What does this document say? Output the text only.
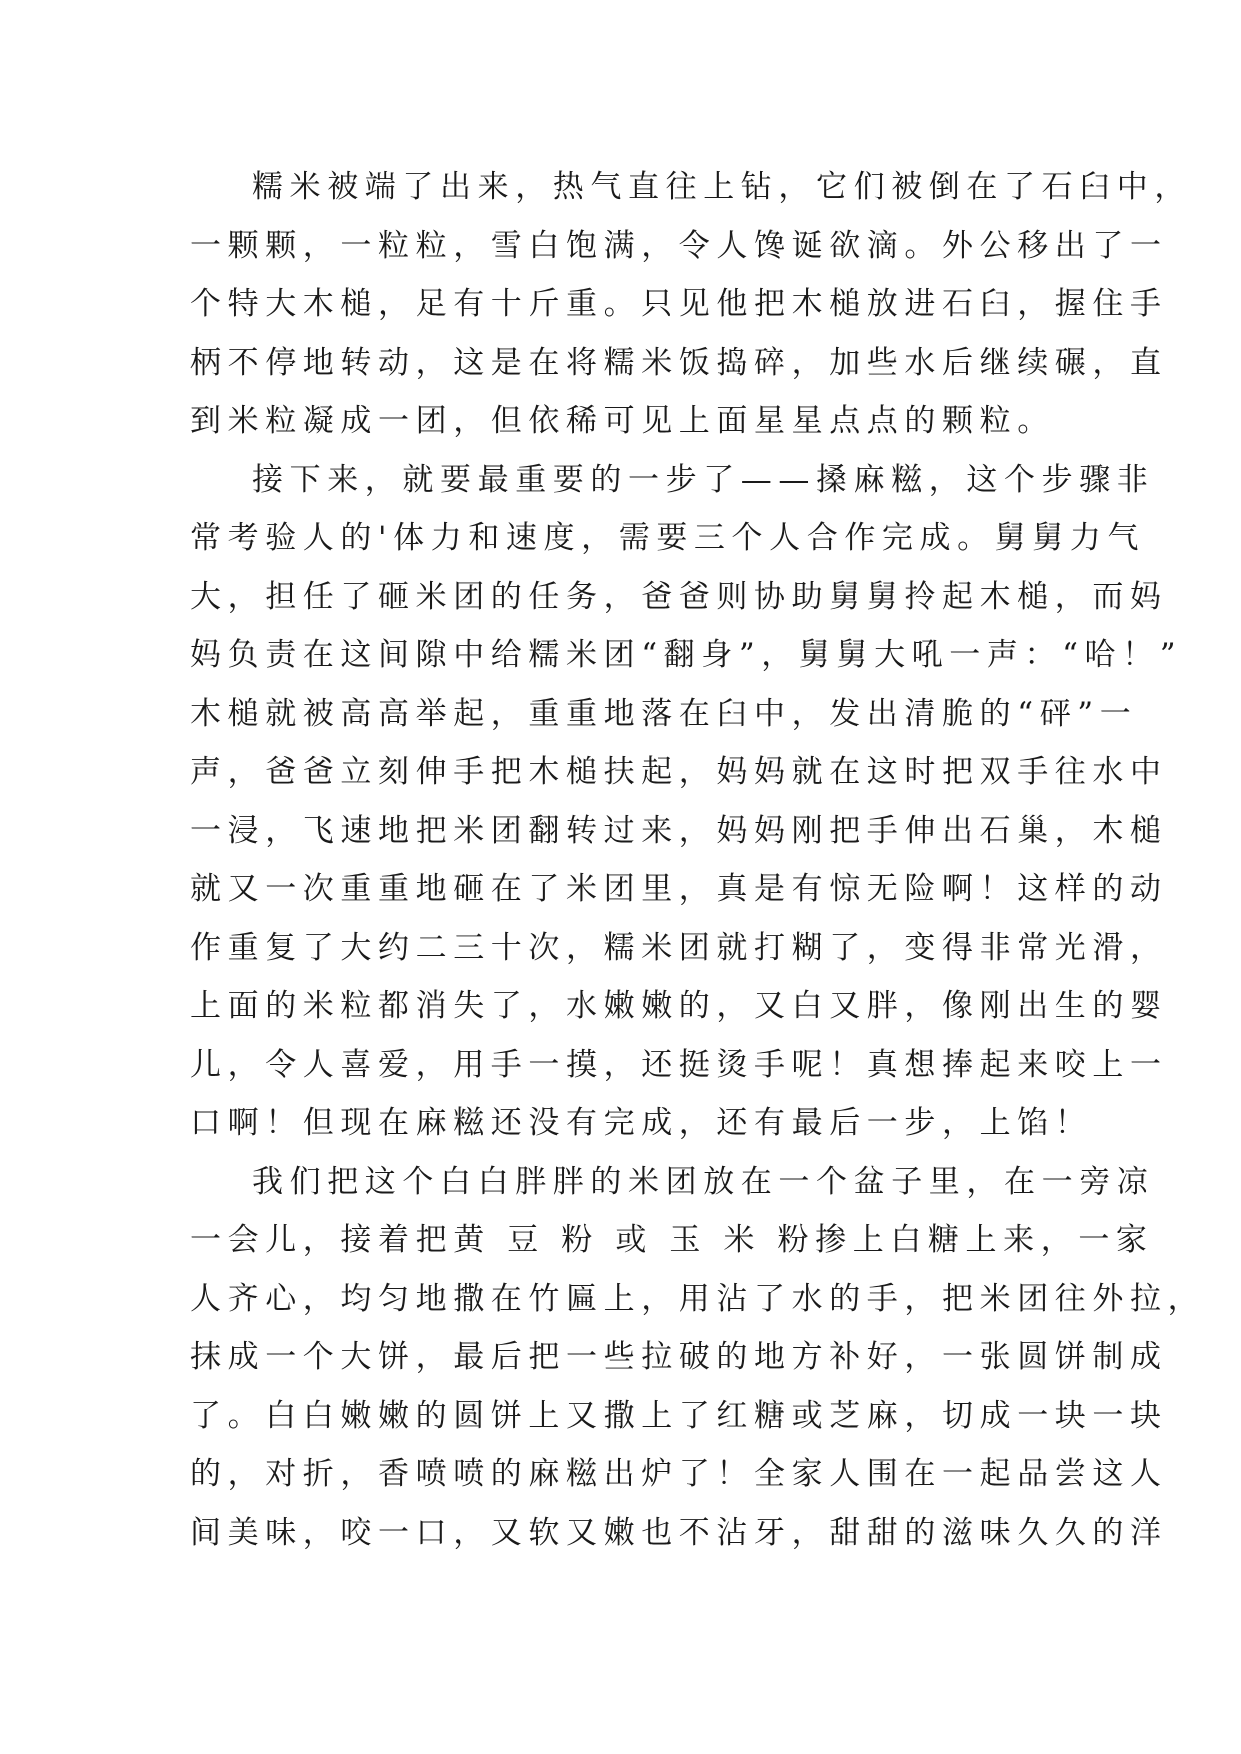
糯米被端了出来，热气直往上钻，它们被倒在了石臼中，
一颗颗，一粒粒，雪白饱满，令人馋诞欲滴。外公移出了一
个特大木槌，足有十斤重。只见他把木槌放进石臼，握住手
柄不停地转动，这是在将糯米饭捣碎，加些水后继续碾，直
到米粒凝成一团，但依稀可见上面星星点点的颗粒。
接下来，就要最重要的一步了——搡麻糍，这个步骤非
常考验人的'体力和速度，需要三个人合作完成。舅舅力气
大，担任了砸米团的任务，爸爸则协助舅舅拎起木槌，而妈
妈负责在这间隙中给糯米团“翻身”，舅舅大吼一声：“哈！”
木槌就被高高举起，重重地落在臼中，发出清脆的“砰”一
声，爸爸立刻伸手把木槌扶起，妈妈就在这时把双手往水中
一浸，飞速地把米团翻转过来，妈妈刚把手伸出石巢，木槌
就又一次重重地砸在了米团里，真是有惊无险啊！这样的动
作重复了大约二三十次，糯米团就打糊了，变得非常光滑，
上面的米粒都消失了，水嫩嫩的，又白又胖，像刚出生的婴
儿，令人喜爱，用手一摸，还挺烫手呢！真想捧起来咬上一
口啊！但现在麻糍还没有完成，还有最后一步，上馅！
我们把这个白白胖胖的米团放在一个盆子里，在一旁凉
一会儿，接着把黄 豆 粉 或 玉 米 粉掺上白糖上来，一家
人齐心，均匀地撒在竹匾上，用沾了水的手，把米团往外拉，
抹成一个大饼，最后把一些拉破的地方补好，一张圆饼制成
了。白白嫩嫩的圆饼上又撒上了红糖或芝麻，切成一块一块
的，对折，香喷喷的麻糍出炉了！全家人围在一起品尝这人
间美味，咬一口，又软又嫩也不沾牙，甜甜的滋味久久的洋
